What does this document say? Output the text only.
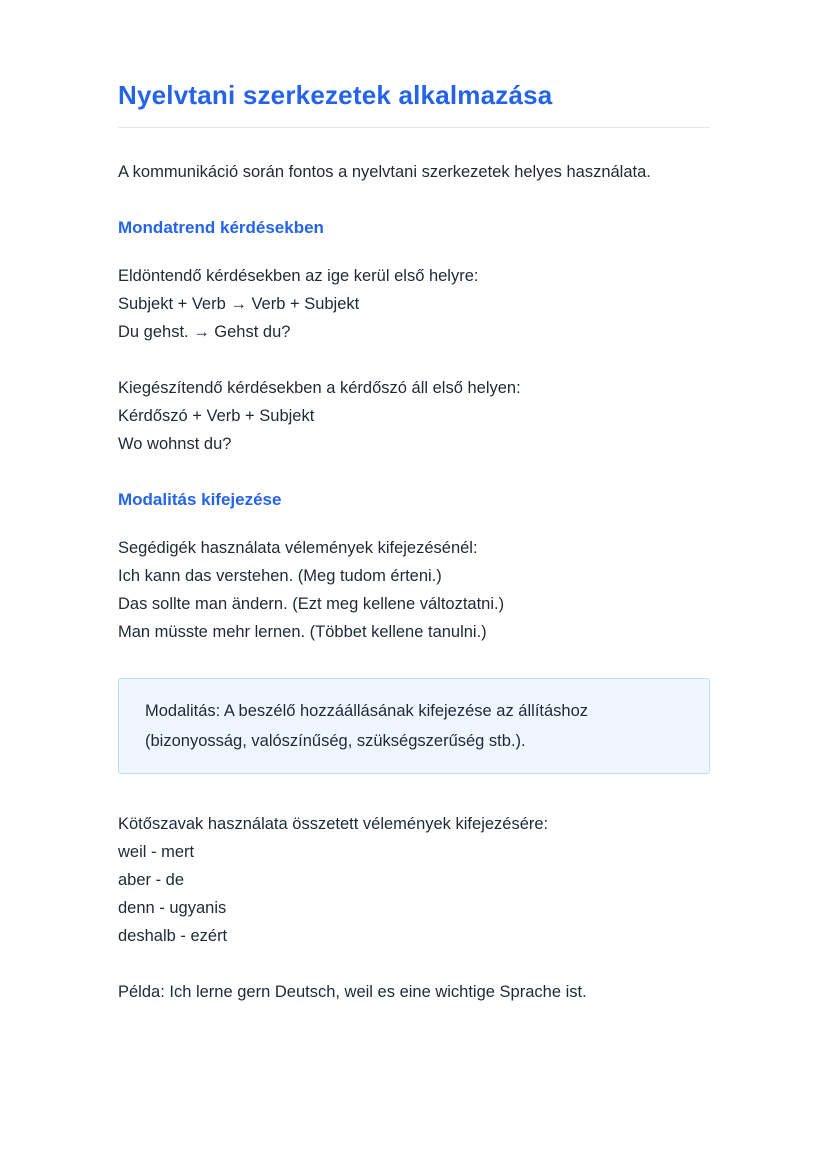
Nyelvtani szerkezetek alkalmazása

A kommunikáció során fontos a nyelvtani szerkezetek helyes használata.

Mondatrend kérdésekben
Eldöntendő kérdésekben az ige kerül első helyre:
Subjekt + Verb → Verb + Subjekt
Du gehst. → Gehst du?
Kiegészítendő kérdésekben a kérdőszó áll első helyen:
Kérdőszó + Verb + Subjekt
Wo wohnst du?
Modalitás kifejezése
Segédigék használata vélemények kifejezésénél:
Ich kann das verstehen. (Meg tudom érteni.)
Das sollte man ändern. (Ezt meg kellene változtatni.)
Man müsste mehr lernen. (Többet kellene tanulni.)
Modalitás: A beszélő hozzáállásának kifejezése az állításhoz (bizonyosság, valószínűség, szükségszerűség stb.).
Kötőszavak használata összetett vélemények kifejezésére:
weil - mert
aber - de
denn - ugyanis
deshalb - ezért

Példa: Ich lerne gern Deutsch, weil es eine wichtige Sprache ist.
